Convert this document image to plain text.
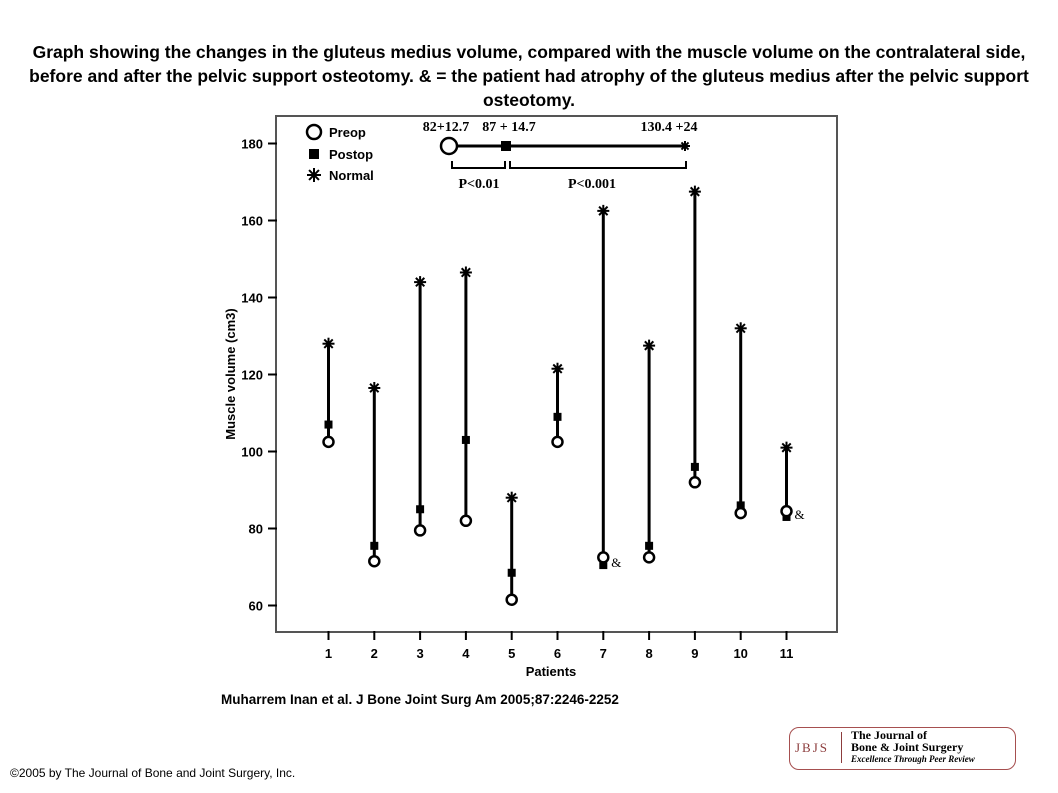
Graph showing the changes in the gluteus medius volume, compared with the muscle volume on the contralateral side, before and after the pelvic support osteotomy. & = the patient had atrophy of the gluteus medius after the pelvic support osteotomy.
60
80
100
120
140
160
180
Muscle volume (cm3)
1	2	3	4	5	6	7	8	9	10 11
Patients
Preop
Postop
Normal
82+12.7 87 + 14.7	130.4 +24
P<0.01	P<0.001
&
&
Muharrem Inan et al. J Bone Joint Surg Am 2005;87:2246-2252
©2005 by The Journal of Bone and Joint Surgery, Inc.
JBJS
The Journal of
Bone & Joint Surgery
Excellence Through Peer Review
